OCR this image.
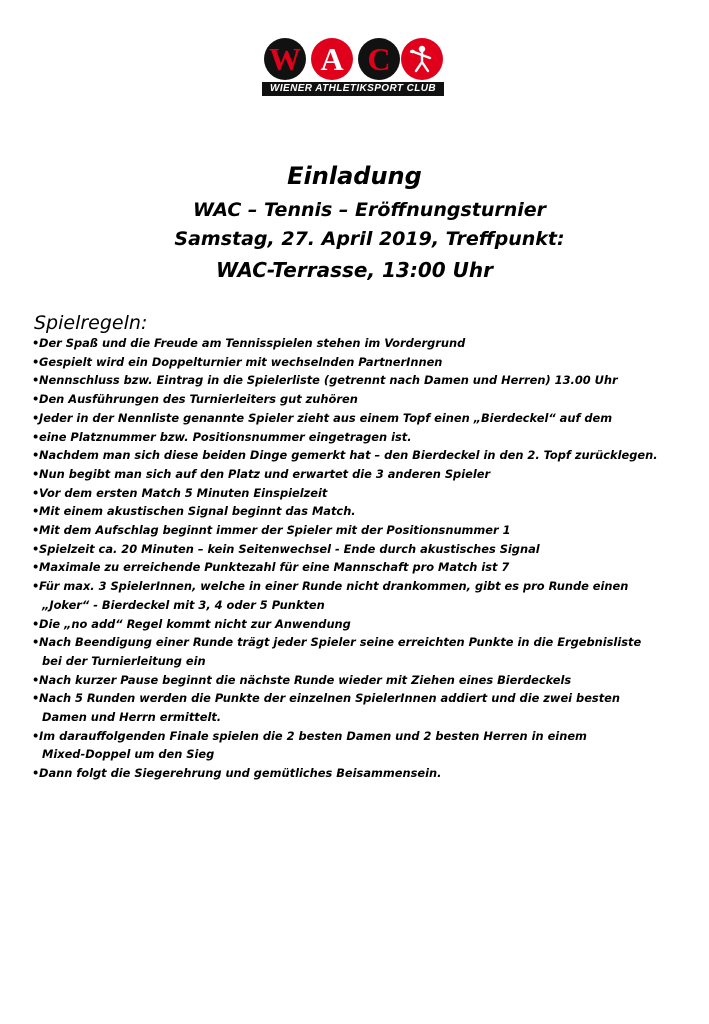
W A C
WIENER ATHLETIKSPORT CLUB
Einladung
WAC – Tennis – Eröffnungsturnier
Samstag, 27. April 2019, Treffpunkt:
WAC-Terrasse, 13:00 Uhr
Spielregeln:
• Der Spaß und die Freude am Tennisspielen stehen im Vordergrund
• Gespielt wird ein Doppelturnier mit wechselnden PartnerInnen
• Nennschluss bzw. Eintrag in die Spielerliste (getrennt nach Damen und Herren) 13.00 Uhr
• Den Ausführungen des Turnierleiters gut zuhören
• Jeder in der Nennliste genannte Spieler zieht aus einem Topf einen „Bierdeckel“ auf dem
• eine Platznummer bzw. Positionsnummer eingetragen ist.
• Nachdem man sich diese beiden Dinge gemerkt hat – den Bierdeckel in den 2. Topf zurücklegen.
• Nun begibt man sich auf den Platz und erwartet die 3 anderen Spieler
• Vor dem ersten Match 5 Minuten Einspielzeit
• Mit einem akustischen Signal beginnt das Match.
• Mit dem Aufschlag beginnt immer der Spieler mit der Positionsnummer 1
• Spielzeit ca. 20 Minuten – kein Seitenwechsel - Ende durch akustisches Signal
• Maximale zu erreichende Punktezahl für eine Mannschaft pro Match ist 7
• Für max. 3 SpielerInnen, welche in einer Runde nicht drankommen, gibt es pro Runde einen
„Joker“ - Bierdeckel mit 3, 4 oder 5 Punkten
• Die „no add“ Regel kommt nicht zur Anwendung
• Nach Beendigung einer Runde trägt jeder Spieler seine erreichten Punkte in die Ergebnisliste
bei der Turnierleitung ein
• Nach kurzer Pause beginnt die nächste Runde wieder mit Ziehen eines Bierdeckels
• Nach 5 Runden werden die Punkte der einzelnen SpielerInnen addiert und die zwei besten
Damen und Herrn ermittelt.
• Im darauffolgenden Finale spielen die 2 besten Damen und 2 besten Herren in einem
Mixed-Doppel um den Sieg
• Dann folgt die Siegerehrung und gemütliches Beisammensein.
